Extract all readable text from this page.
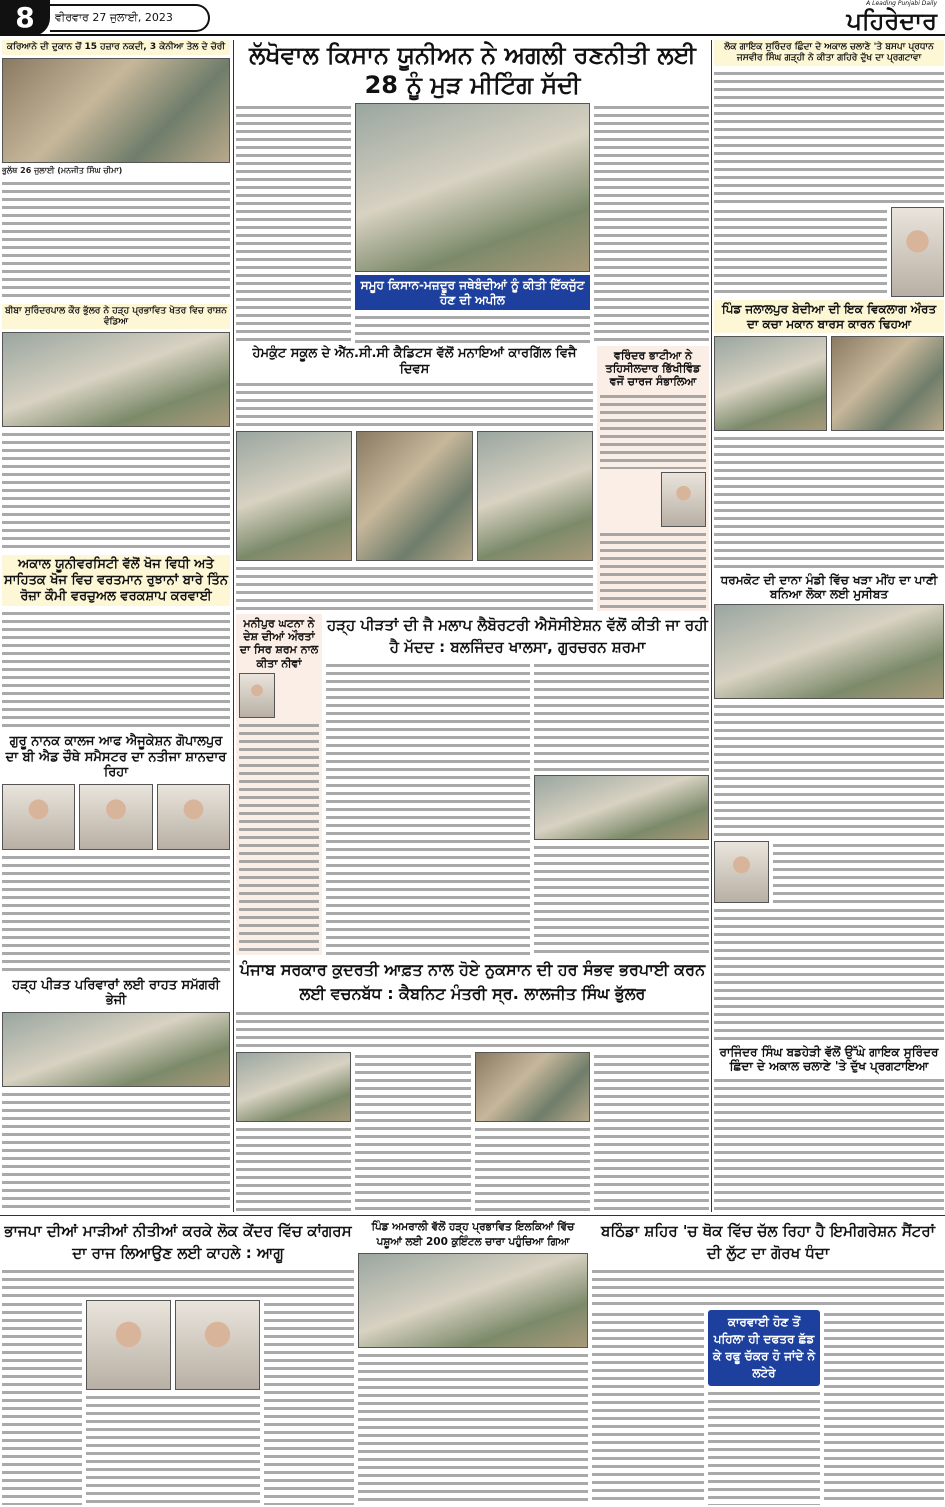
8	ਵੀਰਵਾਰ 27 ਜੁਲਾਈ, 2023
A Leading Punjabi Daily
ਪਹਿਰੇਦਾਰ
ਕਰਿਆਨੇ ਦੀ ਦੁਕਾਨ ਚੋਂ 15 ਹਜ਼ਾਰ ਨਕਦੀ, 3 ਕੇਨੀਆ ਤੇਲ ਦੇ ਚੋਰੀ
ਭੁਲੱਥ 26 ਜੁਲਾਈ (ਮਨਜੀਤ ਸਿੰਘ ਚੀਮਾ)
ਬੀਬਾ ਸੁਰਿੰਦਰਪਾਲ ਕੌਰ ਭੁੱਲਰ ਨੇ ਹੜ੍ਹ ਪ੍ਰਭਾਵਿਤ ਖੇਤਰ ਵਿਚ ਰਾਸ਼ਨ ਵੰਡਿਆ
ਅਕਾਲ ਯੂਨੀਵਰਸਿਟੀ ਵੱਲੋਂ ਖੋਜ ਵਿਧੀ ਅਤੇ ਸਾਹਿਤਕ ਖੋਜ ਵਿਚ ਵਰਤਮਾਨ ਰੁਝਾਨਾਂ ਬਾਰੇ ਤਿੰਨ ਰੋਜ਼ਾ ਕੌਮੀ ਵਰਚੁਅਲ ਵਰਕਸ਼ਾਪ ਕਰਵਾਈ
ਗੁਰੂ ਨਾਨਕ ਕਾਲਜ ਆਫ ਐਜੂਕੇਸ਼ਨ ਗੋਪਾਲਪੁਰ ਦਾ ਬੀ ਐਡ ਚੌਥੇ ਸਮੈਸਟਰ ਦਾ ਨਤੀਜਾ ਸ਼ਾਨਦਾਰ ਰਿਹਾ
ਹੜ੍ਹ ਪੀੜਤ ਪਰਿਵਾਰਾਂ ਲਈ ਰਾਹਤ ਸਮੱਗਰੀ ਭੇਜੀ
ਲੱਖੋਵਾਲ ਕਿਸਾਨ ਯੂਨੀਅਨ ਨੇ ਅਗਲੀ ਰਣਨੀਤੀ ਲਈ 28 ਨੂੰ ਮੁੜ ਮੀਟਿੰਗ ਸੱਦੀ
ਸਮੂਹ ਕਿਸਾਨ-ਮਜ਼ਦੂਰ ਜਥੇਬੰਦੀਆਂ ਨੂੰ ਕੀਤੀ ਇੱਕਜੁੱਟ ਹੋਣ ਦੀ ਅਪੀਲ
ਹੇਮਕੁੰਟ ਸਕੂਲ ਦੇ ਐੱਨ.ਸੀ.ਸੀ ਕੈਡਿਟਸ ਵੱਲੋਂ ਮਨਾਇਆਂ ਕਾਰਗਿੱਲ ਵਿਜੈ ਦਿਵਸ
ਵਰਿੰਦਰ ਭਾਟੀਆ ਨੇ ਤਹਿਸੀਲਦਾਰ ਭਿੱਖੀਵਿੰਡ ਵਜੋਂ ਚਾਰਜ ਸੰਭਾਲਿਆ
ਮਨੀਪੁਰ ਘਟਨਾ ਨੇ ਦੇਸ਼ ਦੀਆਂ ਔਰਤਾਂ ਦਾ ਸਿਰ ਸ਼ਰਮ ਨਾਲ ਕੀਤਾ ਨੀਵਾਂ
ਹੜ੍ਹ ਪੀੜਤਾਂ ਦੀ ਜੈ ਮਲਾਪ ਲੈਬੋਰਟਰੀ ਐਸੋਸੀਏਸ਼ਨ ਵੱਲੋਂ ਕੀਤੀ ਜਾ ਰਹੀ ਹੈ ਮੱਦਦ : ਬਲਜਿੰਦਰ ਖਾਲਸਾ, ਗੁਰਚਰਨ ਸ਼ਰਮਾ
ਪੰਜਾਬ ਸਰਕਾਰ ਕੁਦਰਤੀ ਆਫ਼ਤ ਨਾਲ ਹੋਏ ਨੁਕਸਾਨ ਦੀ ਹਰ ਸੰਭਵ ਭਰਪਾਈ ਕਰਨ ਲਈ ਵਚਨਬੱਧ : ਕੈਬਨਿਟ ਮੰਤਰੀ ਸ੍ਰ. ਲਾਲਜੀਤ ਸਿੰਘ ਭੁੱਲਰ
ਲੋਕ ਗਾਇਕ ਸੁਰਿੰਦਰ ਛਿੰਦਾ ਦੇ ਅਕਾਲ ਚਲਾਣੇ 'ਤੇ ਬਸਪਾ ਪ੍ਰਧਾਨ ਜਸਵੀਰ ਸਿੰਘ ਗੜ੍ਹੀ ਨੇ ਕੀਤਾ ਗਹਿਰੇ ਦੁੱਖ ਦਾ ਪ੍ਰਗਟਾਵਾ
ਪਿੰਡ ਜਲਾਲਪੁਰ ਬੇਦੀਆ ਦੀ ਇਕ ਵਿਕਲਾਗ ਔਰਤ ਦਾ ਕਚਾ ਮਕਾਨ ਬਾਰਸ ਕਾਰਨ ਢਿਹਆ
ਧਰਮਕੋਟ ਦੀ ਦਾਨਾ ਮੰਡੀ ਵਿੱਚ ਖੜਾ ਮੀਂਹ ਦਾ ਪਾਣੀ ਬਨਿਆ ਲੋਕਾ ਲਈ ਮੁਸੀਬਤ
ਰਾਜਿੰਦਰ ਸਿੰਘ ਬਡਹੇੜੀ ਵੱਲੋਂ ਉੱਘੇ ਗਾਇਕ ਸੁਰਿੰਦਰ ਛਿੰਦਾ ਦੇ ਅਕਾਲ ਚਲਾਣੇ 'ਤੇ ਦੁੱਖ ਪ੍ਰਗਟਾਇਆ
ਭਾਜਪਾ ਦੀਆਂ ਮਾੜੀਆਂ ਨੀਤੀਆਂ ਕਰਕੇ ਲੋਕ ਕੇਂਦਰ ਵਿੱਚ ਕਾਂਗਰਸ ਦਾ ਰਾਜ ਲਿਆਉਣ ਲਈ ਕਾਹਲੇ : ਆਗੂ
ਪਿੰਡ ਅਮਰਾਲੀ ਵੱਲੋਂ ਹੜ੍ਹ ਪ੍ਰਭਾਵਿਤ ਇਲਕਿਆਂ ਵਿੱਚ ਪਸ਼ੂਆਂ ਲਈ 200 ਕੁਇੰਟਲ ਚਾਰਾ ਪਹੁੰਚਿਆ ਗਿਆ
ਬਠਿੰਡਾ ਸ਼ਹਿਰ 'ਚ ਥੋਕ ਵਿੱਚ ਚੱਲ ਰਿਹਾ ਹੈ ਇਮੀਗਰੇਸ਼ਨ ਸੈਂਟਰਾਂ ਦੀ ਲੁੱਟ ਦਾ ਗੋਰਖ ਧੰਦਾ
ਕਾਰਵਾਈ ਹੋਣ ਤੋਂ ਪਹਿਲਾ ਹੀ ਦਫਤਰ ਛੱਡ ਕੇ ਰਫੂ ਚੱਕਰ ਹੋ ਜਾਂਦੇ ਨੇ ਲਟੇਰੇ
